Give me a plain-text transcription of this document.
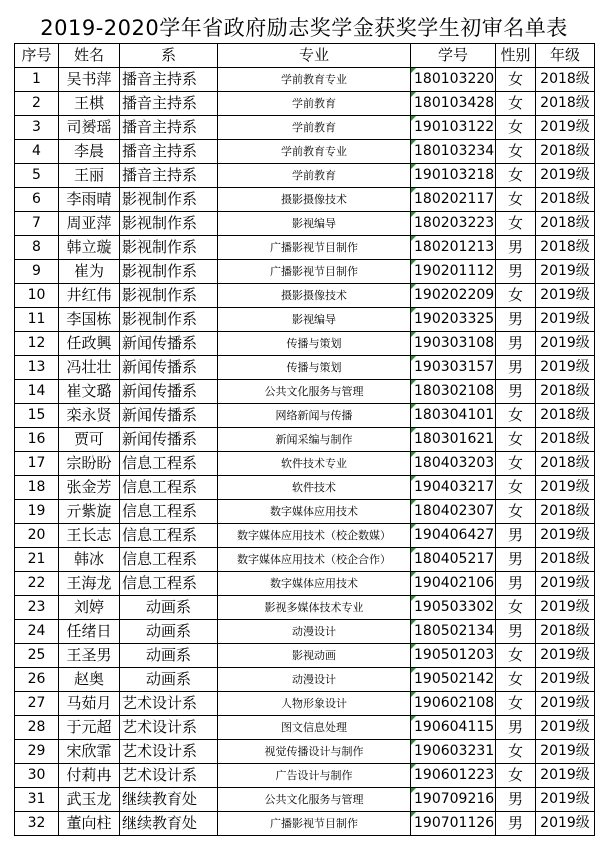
2019-2020学年省政府励志奖学金获奖学生初审名单表
序号	姓名	系	专业	学号	性别	年级
1	吴书萍	播音主持系	学前教育专业	180103220	女	2018级
2	王棋	播音主持系	学前教育	180103428	女	2018级
3	司赟瑶	播音主持系	学前教育	190103122	女	2019级
4	李晨	播音主持系	学前教育专业	180103234	女	2018级
5	王丽	播音主持系	学前教育	190103218	女	2019级
6	李雨晴	影视制作系	摄影摄像技术	180202117	女	2018级
7	周亚萍	影视制作系	影视编导	180203223	女	2018级
8	韩立璇	影视制作系	广播影视节目制作	180201213	男	2018级
9	崔为	影视制作系	广播影视节目制作	190201112	男	2019级
10	井红伟	影视制作系	摄影摄像技术	190202209	女	2019级
11	李国栋	影视制作系	影视编导	190203325	男	2019级
12	任政興	新闻传播系	传播与策划	190303108	男	2019级
13	冯壮壮	新闻传播系	传播与策划	190303157	男	2019级
14	崔文璐	新闻传播系	公共文化服务与管理	180302108	男	2018级
15	栾永贤	新闻传播系	网络新闻与传播	180304101	女	2018级
16	贾可	新闻传播系	新闻采编与制作	180301621	女	2018级
17	宗盼盼	信息工程系	软件技术专业	180403203	女	2018级
18	张金芳	信息工程系	软件技术	190403217	女	2019级
19	亓紫旋	信息工程系	数字媒体应用技术	180402307	女	2018级
20	王长志	信息工程系	数字媒体应用技术（校企数媒）	190406427	男	2019级
21	韩冰	信息工程系	数字媒体应用技术（校企合作）	180405217	男	2018级
22	王海龙	信息工程系	数字媒体应用技术	190402106	男	2019级
23	刘婷	动画系	影视多媒体技术专业	190503302	女	2019级
24	任绪日	动画系	动漫设计	180502134	男	2018级
25	王圣男	动画系	影视动画	190501203	女	2019级
26	赵奥	动画系	动漫设计	190502142	女	2019级
27	马茹月	艺术设计系	人物形象设计	190602108	女	2019级
28	于元超	艺术设计系	图文信息处理	190604115	男	2019级
29	宋欣霏	艺术设计系	视觉传播设计与制作	190603231	女	2019级
30	付莉冉	艺术设计系	广告设计与制作	190601223	女	2019级
31	武玉龙	继续教育处	公共文化服务与管理	190709216	男	2019级
32	董向柱	继续教育处	广播影视节目制作	190701126	男	2019级
